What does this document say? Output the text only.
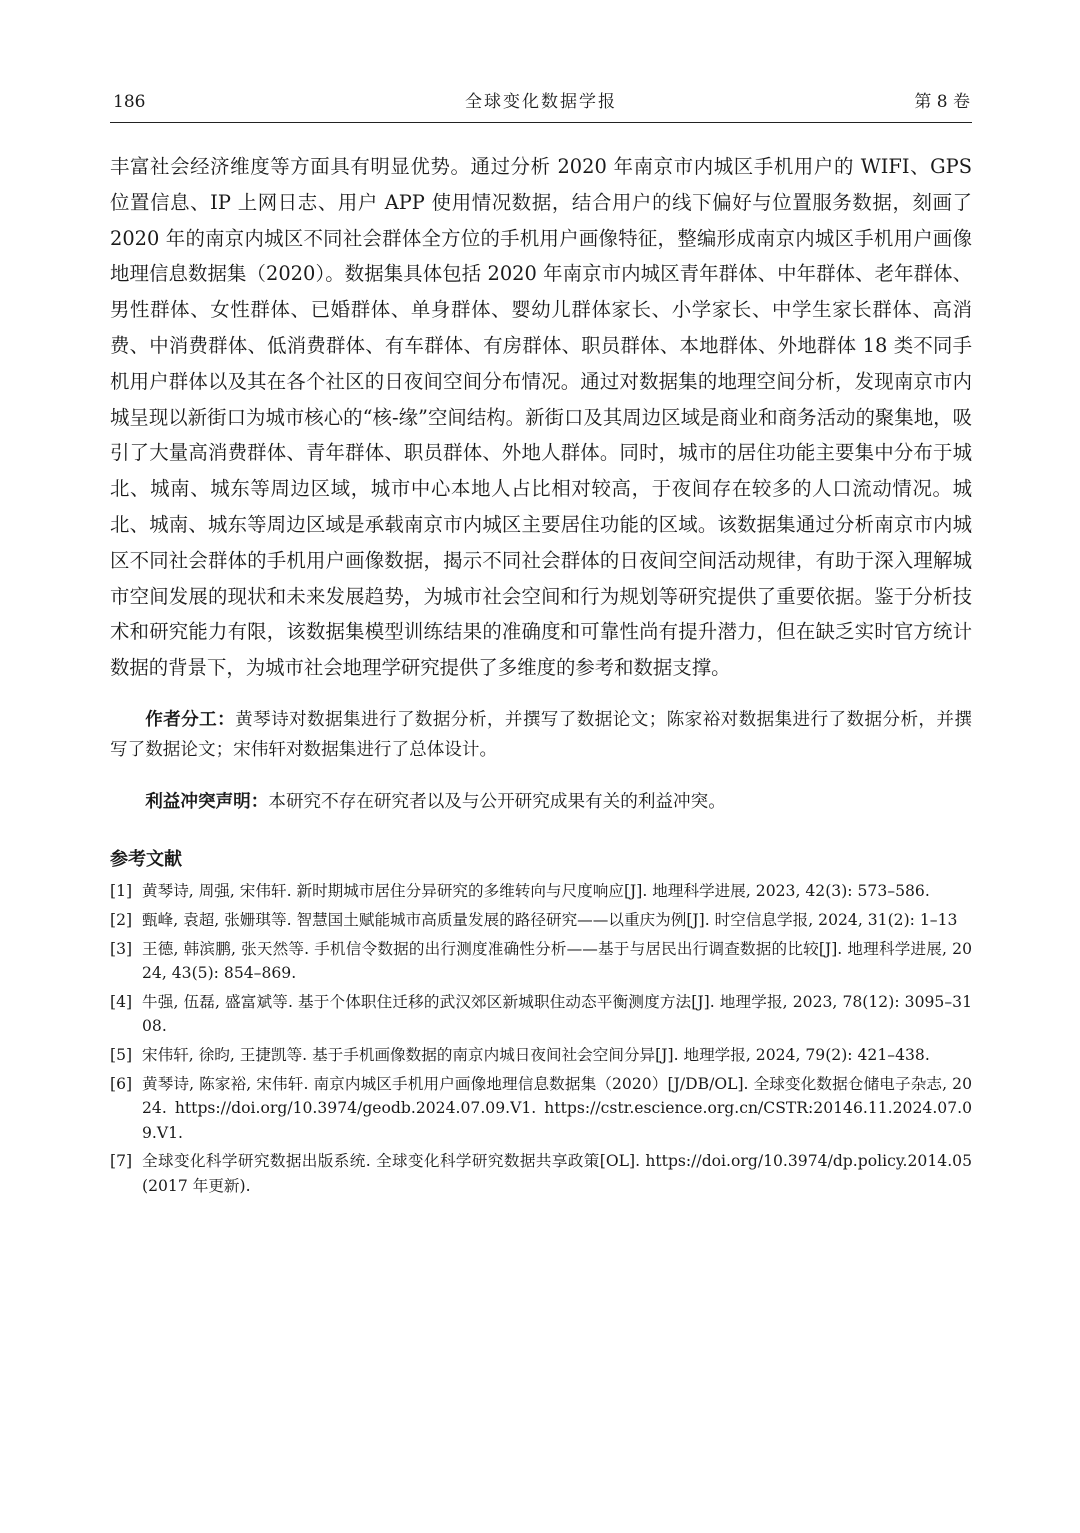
186	全球变化数据学报	第 8 卷

丰富社会经济维度等方面具有明显优势。通过分析 2020 年南京市内城区手机用户的 WIFI、GPS 位置信息、IP 上网日志、用户 APP 使用情况数据，结合用户的线下偏好与位置服务数据，刻画了 2020 年的南京内城区不同社会群体全方位的手机用户画像特征，整编形成南京内城区手机用户画像地理信息数据集（2020）。数据集具体包括 2020 年南京市内城区青年群体、中年群体、老年群体、男性群体、女性群体、已婚群体、单身群体、婴幼儿群体家长、小学家长、中学生家长群体、高消费、中消费群体、低消费群体、有车群体、有房群体、职员群体、本地群体、外地群体 18 类不同手机用户群体以及其在各个社区的日夜间空间分布情况。通过对数据集的地理空间分析，发现南京市内城呈现以新街口为城市核心的“核-缘”空间结构。新街口及其周边区域是商业和商务活动的聚集地，吸引了大量高消费群体、青年群体、职员群体、外地人群体。同时，城市的居住功能主要集中分布于城北、城南、城东等周边区域，城市中心本地人占比相对较高，于夜间存在较多的人口流动情况。城北、城南、城东等周边区域是承载南京市内城区主要居住功能的区域。该数据集通过分析南京市内城区不同社会群体的手机用户画像数据，揭示不同社会群体的日夜间空间活动规律，有助于深入理解城市空间发展的现状和未来发展趋势，为城市社会空间和行为规划等研究提供了重要依据。鉴于分析技术和研究能力有限，该数据集模型训练结果的准确度和可靠性尚有提升潜力，但在缺乏实时官方统计数据的背景下，为城市社会地理学研究提供了多维度的参考和数据支撑。

作者分工：黄琴诗对数据集进行了数据分析，并撰写了数据论文；陈家裕对数据集进行了数据分析，并撰写了数据论文；宋伟轩对数据集进行了总体设计。

利益冲突声明：本研究不存在研究者以及与公开研究成果有关的利益冲突。

参考文献
[1] 黄琴诗, 周强, 宋伟轩. 新时期城市居住分异研究的多维转向与尺度响应[J]. 地理科学进展, 2023, 42(3): 573–586.
[2] 甄峰, 袁超, 张姗琪等. 智慧国土赋能城市高质量发展的路径研究——以重庆为例[J]. 时空信息学报, 2024, 31(2): 1–13
[3] 王德, 韩滨鹏, 张天然等. 手机信令数据的出行测度准确性分析——基于与居民出行调查数据的比较[J]. 地理科学进展, 2024, 43(5): 854–869.
[4] 牛强, 伍磊, 盛富斌等. 基于个体职住迁移的武汉郊区新城职住动态平衡测度方法[J]. 地理学报, 2023, 78(12): 3095–3108.
[5] 宋伟轩, 徐昀, 王捷凯等. 基于手机画像数据的南京内城日夜间社会空间分异[J]. 地理学报, 2024, 79(2): 421–438.
[6] 黄琴诗, 陈家裕, 宋伟轩. 南京内城区手机用户画像地理信息数据集（2020）[J/DB/OL]. 全球变化数据仓储电子杂志, 2024. https://doi.org/10.3974/geodb.2024.07.09.V1. https://cstr.escience.org.cn/CSTR:20146.11.2024.07.09.V1.
[7] 全球变化科学研究数据出版系统. 全球变化科学研究数据共享政策[OL]. https://doi.org/10.3974/dp.policy.2014.05 (2017 年更新).
